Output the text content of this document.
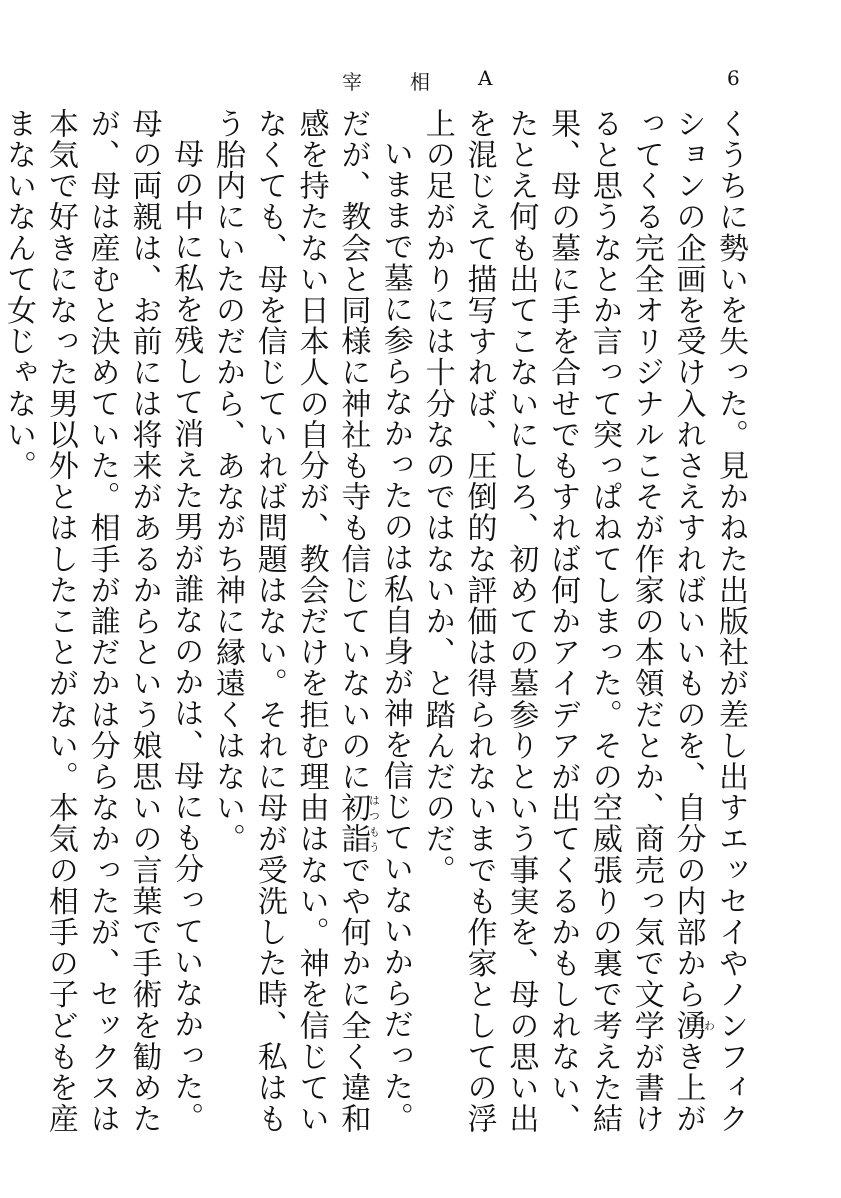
宰 相 A	6

くうちに勢いを失った。見かねた出版社が差し出すエッセイやノンフィクションの企画を受け入れさえすればいいものを、自分の内部から湧わき上がってくる完全オリジナルこそが作家の本領だとか、商売っ気で文学が書けると思うなとか言って突っぱねてしまった。その空威張りの裏で考えた結果、母の墓に手を合せでもすれば何かアイデアが出てくるかもしれない、たとえ何も出てこないにしろ、初めての墓参りという事実を、母の思い出を混じえて描写すれば、圧倒的な評価は得られないまでも作家としての浮上の足がかりには十分なのではないか、と踏んだのだ。

いままで墓に参らなかったのは私自身が神を信じていないからだった。だが、教会と同様に神社も寺も信じていないのに初詣はつもうでや何かに全く違和感を持たない日本人の自分が、教会だけを拒む理由はない。神を信じていなくても、母を信じていれば問題はない。それに母が受洗した時、私はもう胎内にいたのだから、あながち神に縁遠くはない。

母の中に私を残して消えた男が誰なのかは、母にも分っていなかった。母の両親は、お前には将来があるからという娘思いの言葉で手術を勧めたが、母は産むと決めていた。相手が誰だかは分らなかったが、セックスは本気で好きになった男以外とはしたことがない。本気の相手の子どもを産まないなんて女じゃない。
